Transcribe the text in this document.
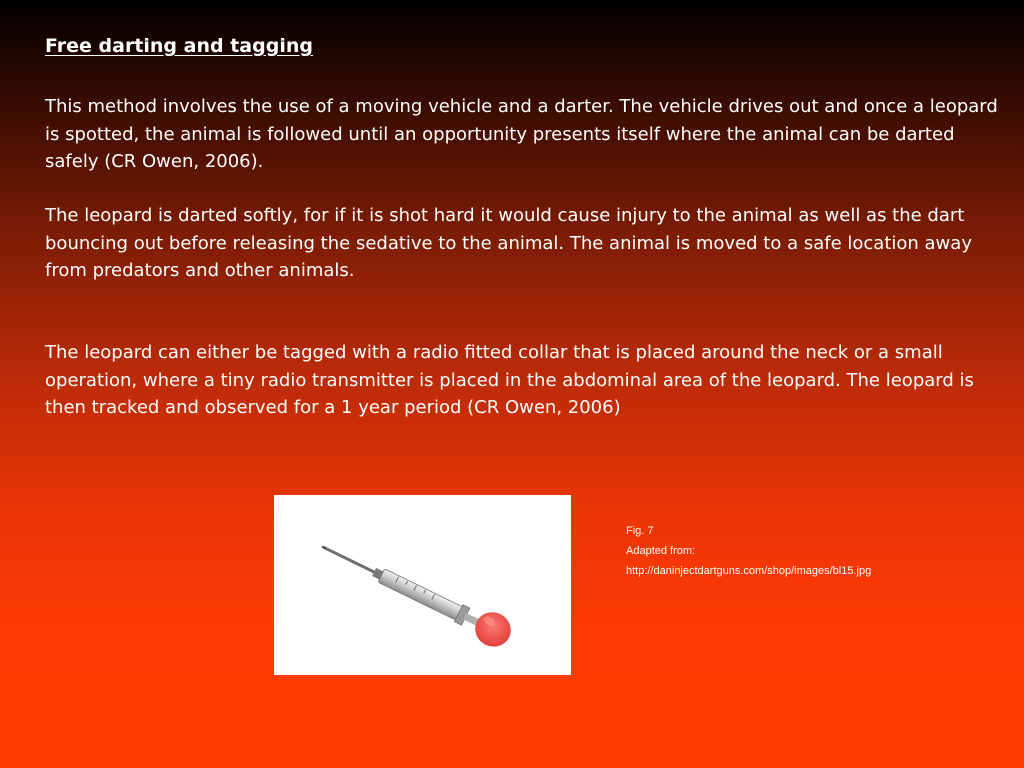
Free darting and tagging

This method involves the use of a moving vehicle and a darter. The vehicle drives out and once a leopard is spotted, the animal is followed until an opportunity presents itself where the animal can be darted safely (CR Owen, 2006).

The leopard is darted softly, for if it is shot hard it would cause injury to the animal as well as the dart bouncing out before releasing the sedative to the animal. The animal is moved to a safe location away from predators and other animals.

The leopard can either be tagged with a radio fitted collar that is placed around the neck or a small operation, where a tiny radio transmitter is placed in the abdominal area of the leopard. The leopard is then tracked and observed for a 1 year period (CR Owen, 2006)

Fig. 7
Adapted from:
http://daninjectdartguns.com/shop/images/bl15.jpg
